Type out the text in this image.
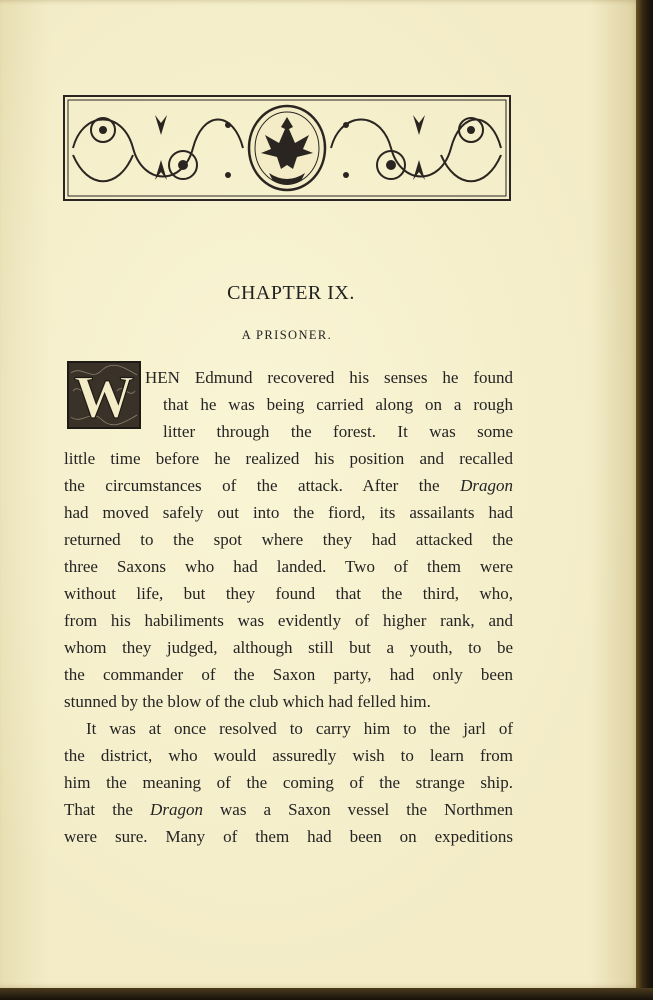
CHAPTER IX.
A PRISONER.
W HEN Edmund recovered his senses he found
that he was being carried along on a rough
litter through the forest. It was some
little time before he realized his position and recalled
the circumstances of the attack. After the Dragon
had moved safely out into the fiord, its assailants had
returned to the spot where they had attacked the
three Saxons who had landed. Two of them were
without life, but they found that the third, who,
from his habiliments was evidently of higher rank, and
whom they judged, although still but a youth, to be
the commander of the Saxon party, had only been
stunned by the blow of the club which had felled him.
It was at once resolved to carry him to the jarl of
the district, who would assuredly wish to learn from
him the meaning of the coming of the strange ship.
That the Dragon was a Saxon vessel the Northmen
were sure. Many of them had been on expeditions
